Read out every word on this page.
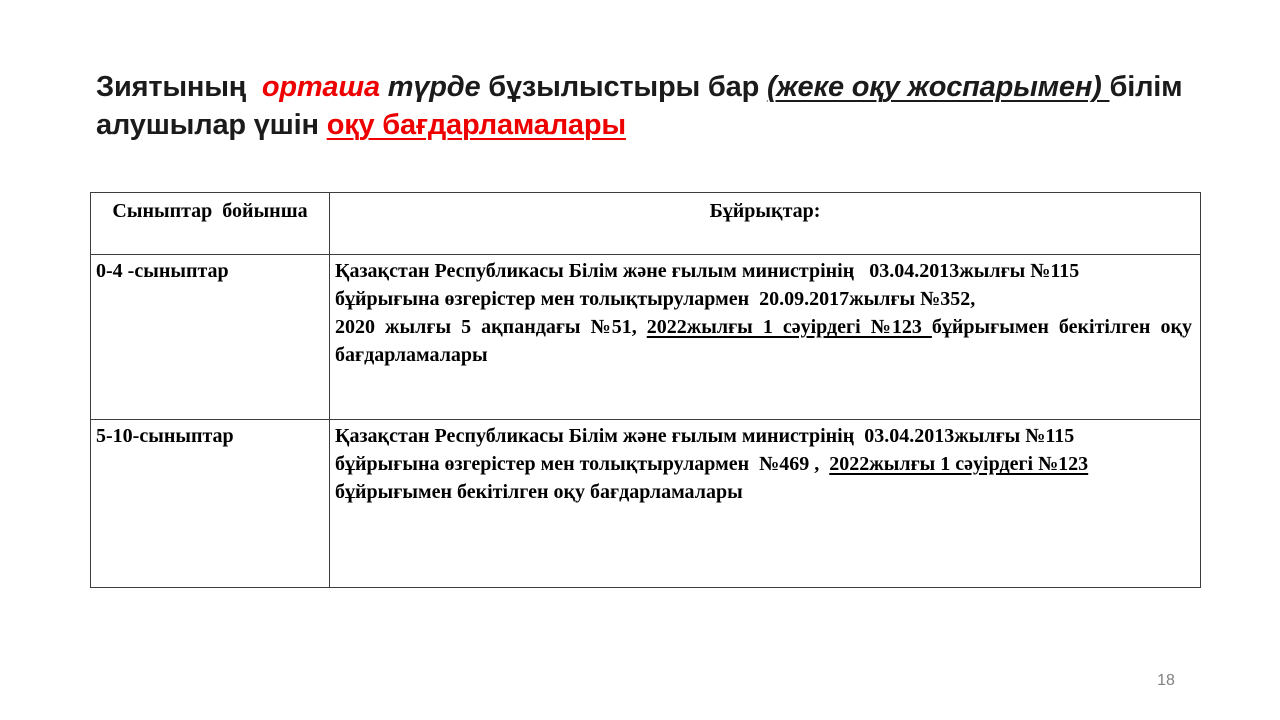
Зиятының  орташа түрде бұзылыстыры бар (жеке оқу жоспарымен) білім
алушылар үшін оқу бағдарламалары
Сыныптар  бойынша	Бұйрықтар:
0-4 -сыныптар	Қазақстан Республикасы Білім және ғылым министрінің   03.04.2013жылғы №115
бұйрығына өзгерістер мен толықтырулармен  20.09.2017жылғы №352,
2020 жылғы 5 ақпандағы №51, 2022жылғы 1 сәуірдегі №123 бұйрығымен бекітілген оқу
бағдарламалары

5-10-сыныптар	Қазақстан Республикасы Білім және ғылым министрінің  03.04.2013жылғы №115
бұйрығына өзгерістер мен толықтырулармен  №469 ,  2022жылғы 1 сәуірдегі №123
бұйрығымен бекітілген оқу бағдарламалары
18
